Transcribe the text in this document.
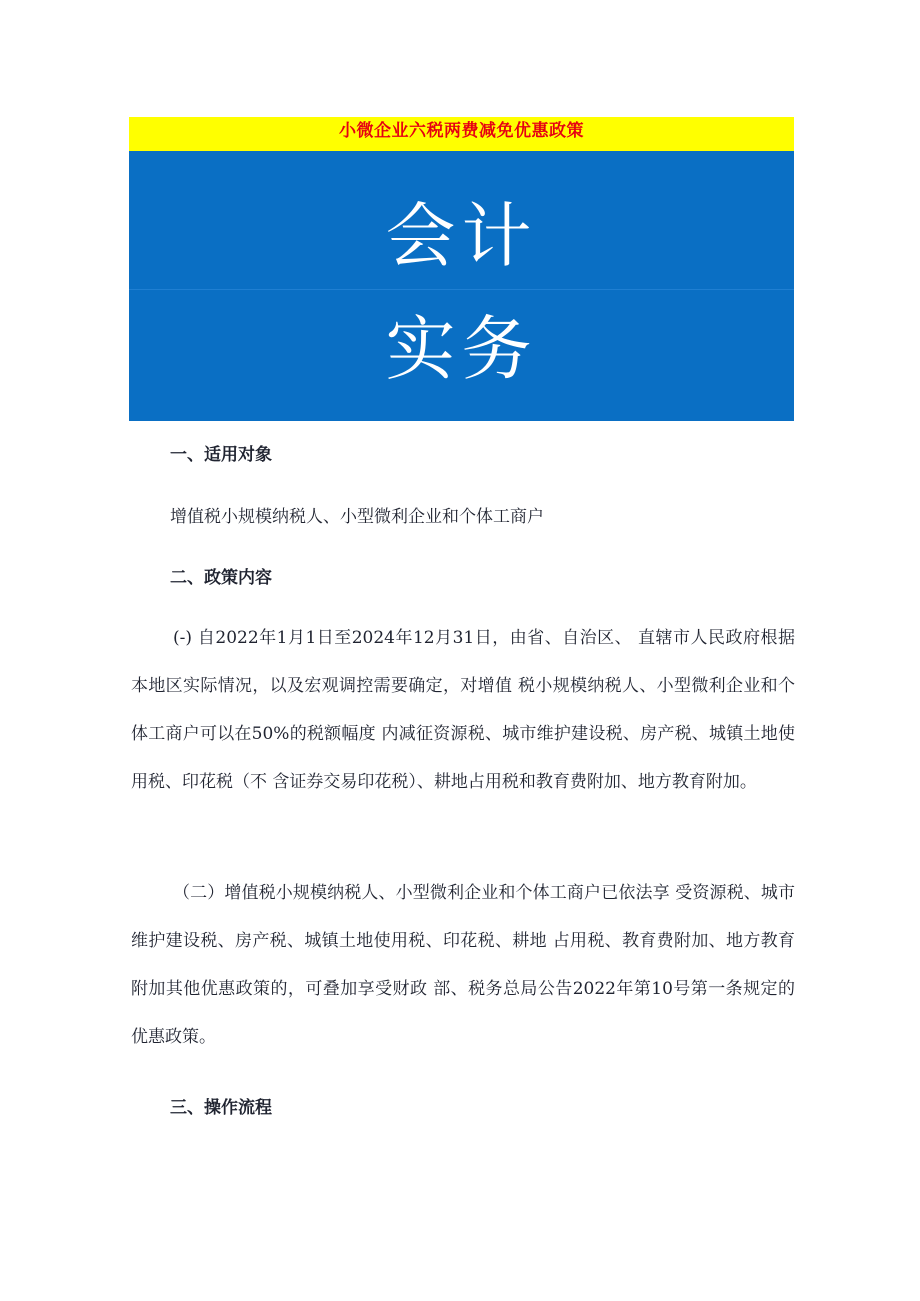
小微企业六税两费减免优惠政策
会计
实务
一、适用对象
增值税小规模纳税人、小型微利企业和个体工商户
二、政策内容
(-) 自2022年1月1日至2024年12月31日，由省、自治区、 直辖市人民政府根据本地区实际情况，以及宏观调控需要确定，对增值 税小规模纳税人、小型微利企业和个体工商户可以在50%的税额幅度 内减征资源税、城市维护建设税、房产税、城镇土地使用税、印花税（不 含证券交易印花税）、耕地占用税和教育费附加、地方教育附加。
（二）增值税小规模纳税人、小型微利企业和个体工商户已依法享 受资源税、城市维护建设税、房产税、城镇土地使用税、印花税、耕地 占用税、教育费附加、地方教育附加其他优惠政策的，可叠加享受财政 部、税务总局公告2022年第10号第一条规定的优惠政策。
三、操作流程
